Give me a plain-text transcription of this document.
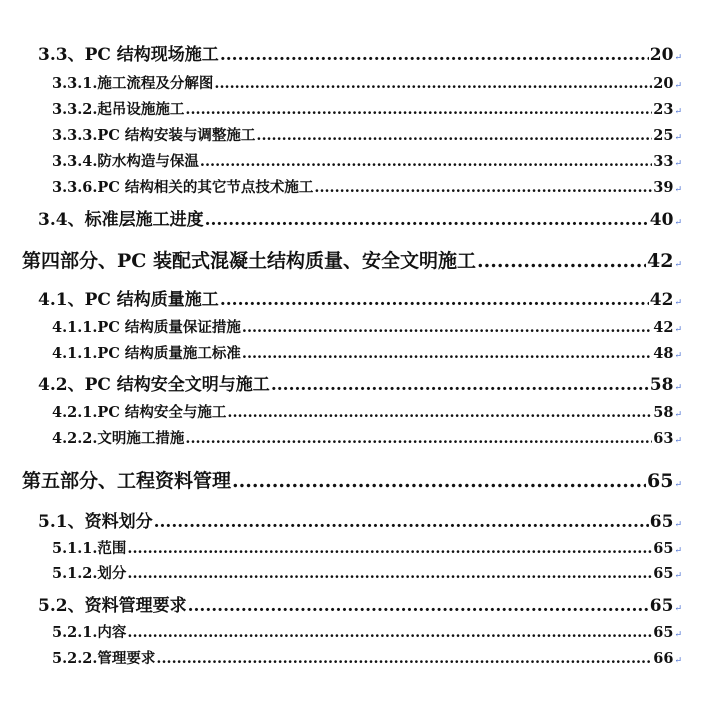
3.3、PC 结构现场施工 .....	20 ↵
3.3.1.施工流程及分解图 .....	20 ↵
3.3.2.起吊设施施工 .....	23 ↵
3.3.3.PC 结构安装与调整施工 .....	25 ↵
3.3.4.防水构造与保温 .....	33 ↵
3.3.6.PC 结构相关的其它节点技术施工 .....	39 ↵
3.4、标准层施工进度 .....	40 ↵
第四部分、PC 装配式混凝土结构质量、安全文明施工 .....	42 ↵
4.1、PC 结构质量施工 .....	42 ↵
4.1.1.PC 结构质量保证措施 .....	42 ↵
4.1.1.PC 结构质量施工标准 .....	48 ↵
4.2、PC 结构安全文明与施工 .....	58 ↵
4.2.1.PC 结构安全与施工 .....	58 ↵
4.2.2.文明施工措施 .....	63 ↵
第五部分、工程资料管理 .....	65 ↵
5.1、资料划分 .....	65 ↵
5.1.1.范围 .....	65 ↵
5.1.2.划分 .....	65 ↵
5.2、资料管理要求 .....	65 ↵
5.2.1.内容 .....	65 ↵
5.2.2.管理要求 .....	66 ↵
